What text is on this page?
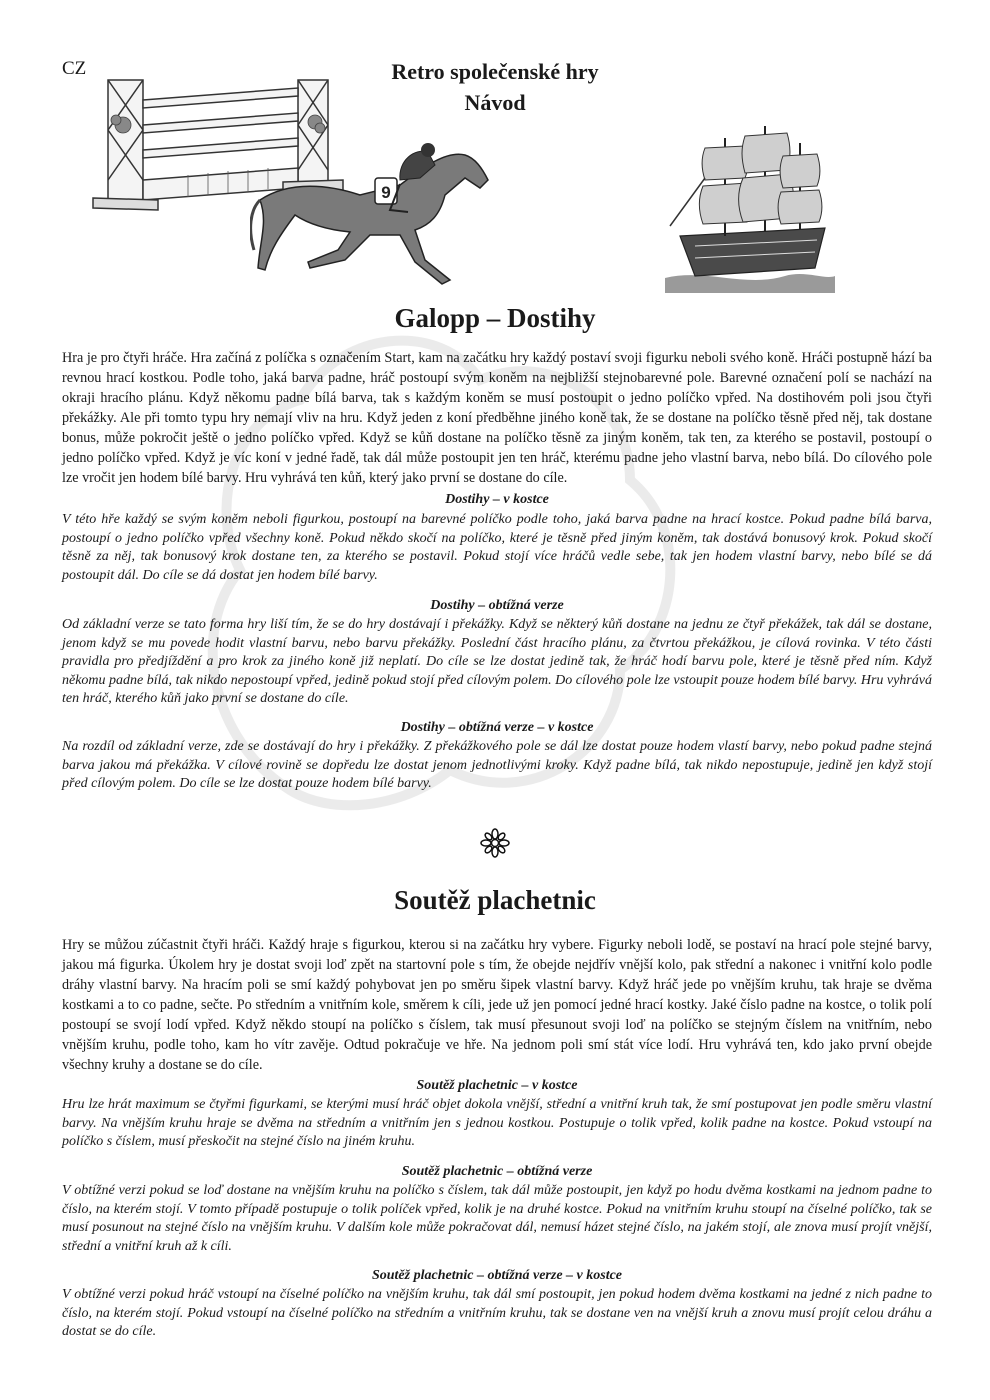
CZ	Retro společenské hry
Návod
9
Galopp – Dostihy

Hra je pro čtyři hráče. Hra začíná z políčka s označením Start, kam na začátku hry každý postaví svoji figurku neboli svého koně. Hráči postupně hází ba revnou hrací kostkou. Podle toho, jaká barva padne, hráč postoupí svým koněm na nejbližší stejnobarevné pole. Barevné označení polí se nachází na okraji hracího plánu. Když někomu padne bílá barva, tak s každým koněm se musí postoupit o jedno políčko vpřed. Na dostihovém poli jsou čtyři překážky. Ale při tomto typu hry nemají vliv na hru. Když jeden z koní předběhne jiného koně tak, že se dostane na políčko těsně před něj, tak dostane bonus, může pokročit ještě o jedno políčko vpřed. Když se kůň dostane na políčko těsně za jiným koněm, tak ten, za kterého se postavil, postoupí o jedno políčko vpřed. Když je víc koní v jedné řadě, tak dál může postoupit jen ten hráč, kterému padne jeho vlastní barva, nebo bílá. Do cílového pole lze vročit jen hodem bílé barvy. Hru vyhrává ten kůň, který jako první se dostane do cíle.

Dostihy – v kostce

V této hře každý se svým koněm neboli figurkou, postoupí na barevné políčko podle toho, jaká barva padne na hrací kostce. Pokud padne bílá barva, postoupí o jedno políčko vpřed všechny koně. Pokud někdo skočí na políčko, které je těsně před jiným koněm, tak dostává bonusový krok. Pokud skočí těsně za něj, tak bonusový krok dostane ten, za kterého se postavil. Pokud stojí více hráčů vedle sebe, tak jen hodem vlastní barvy, nebo bílé se dá postoupit dál. Do cíle se dá dostat jen hodem bílé barvy.

Dostihy – obtížná verze

Od základní verze se tato forma hry liší tím, že se do hry dostávají i překážky. Když se některý kůň dostane na jednu ze čtyř překážek, tak dál se dostane, jenom když se mu povede hodit vlastní barvu, nebo barvu překážky. Poslední část hracího plánu, za čtvrtou překážkou, je cílová rovinka. V této části pravidla pro předjíždění a pro krok za jiného koně již neplatí. Do cíle se lze dostat jedině tak, že hráč hodí barvu pole, které je těsně před ním. Když někomu padne bílá, tak nikdo nepostoupí vpřed, jedině pokud stojí před cílovým polem. Do cílového pole lze vstoupit pouze hodem bílé barvy. Hru vyhrává ten hráč, kterého kůň jako první se dostane do cíle.

Dostihy – obtížná verze – v kostce

Na rozdíl od základní verze, zde se dostávají do hry i překážky. Z překážkového pole se dál lze dostat pouze hodem vlastí barvy, nebo pokud padne stejná barva jakou má překážka. V cílové rovině se dopředu lze dostat jenom jednotlivými kroky. Když padne bílá, tak nikdo nepostupuje, jedině jen když stojí před cílovým polem. Do cíle se lze dostat pouze hodem bílé barvy.

Soutěž plachetnic

Hry se můžou zúčastnit čtyři hráči. Každý hraje s figurkou, kterou si na začátku hry vybere. Figurky neboli lodě, se postaví na hrací pole stejné barvy, jakou má figurka. Úkolem hry je dostat svoji loď zpět na startovní pole s tím, že obejde nejdřív vnější kolo, pak střední a nakonec i vnitřní kolo podle dráhy vlastní barvy. Na hracím poli se smí každý pohybovat jen po směru šipek vlastní barvy. Když hráč jede po vnějším kruhu, tak hraje se dvěma kostkami a to co padne, sečte. Po středním a vnitřním kole, směrem k cíli, jede už jen pomocí jedné hrací kostky. Jaké číslo padne na kostce, o tolik polí postoupí se svojí lodí vpřed. Když někdo stoupí na políčko s číslem, tak musí přesunout svoji loď na políčko se stejným číslem na vnitřním, nebo vnějším kruhu, podle toho, kam ho vítr zavěje. Odtud pokračuje ve hře. Na jednom poli smí stát více lodí. Hru vyhrává ten, kdo jako první obejde všechny kruhy a dostane se do cíle.

Soutěž plachetnic – v kostce

Hru lze hrát maximum se čtyřmi figurkami, se kterými musí hráč objet dokola vnější, střední a vnitřní kruh tak, že smí postupovat jen podle směru vlastní barvy. Na vnějším kruhu hraje se dvěma na středním a vnitřním jen s jednou kostkou. Postupuje o tolik vpřed, kolik padne na kostce. Pokud vstoupí na políčko s číslem, musí přeskočit na stejné číslo na jiném kruhu.

Soutěž plachetnic – obtížná verze

V obtížné verzi pokud se loď dostane na vnějším kruhu na políčko s číslem, tak dál může postoupit, jen když po hodu dvěma kostkami na jednom padne to číslo, na kterém stojí. V tomto případě postupuje o tolik políček vpřed, kolik je na druhé kostce. Pokud na vnitřním kruhu stoupí na číselné políčko, tak se musí posunout na stejné číslo na vnějším kruhu. V dalším kole může pokračovat dál, nemusí házet stejné číslo, na jakém stojí, ale znova musí projít vnější, střední a vnitřní kruh až k cíli.

Soutěž plachetnic – obtížná verze – v kostce

V obtížné verzi pokud hráč vstoupí na číselné políčko na vnějším kruhu, tak dál smí postoupit, jen pokud hodem dvěma kostkami na jedné z nich padne to číslo, na kterém stojí. Pokud vstoupí na číselné políčko na středním a vnitřním kruhu, tak se dostane ven na vnější kruh a znovu musí projít celou dráhu a dostat se do cíle.
